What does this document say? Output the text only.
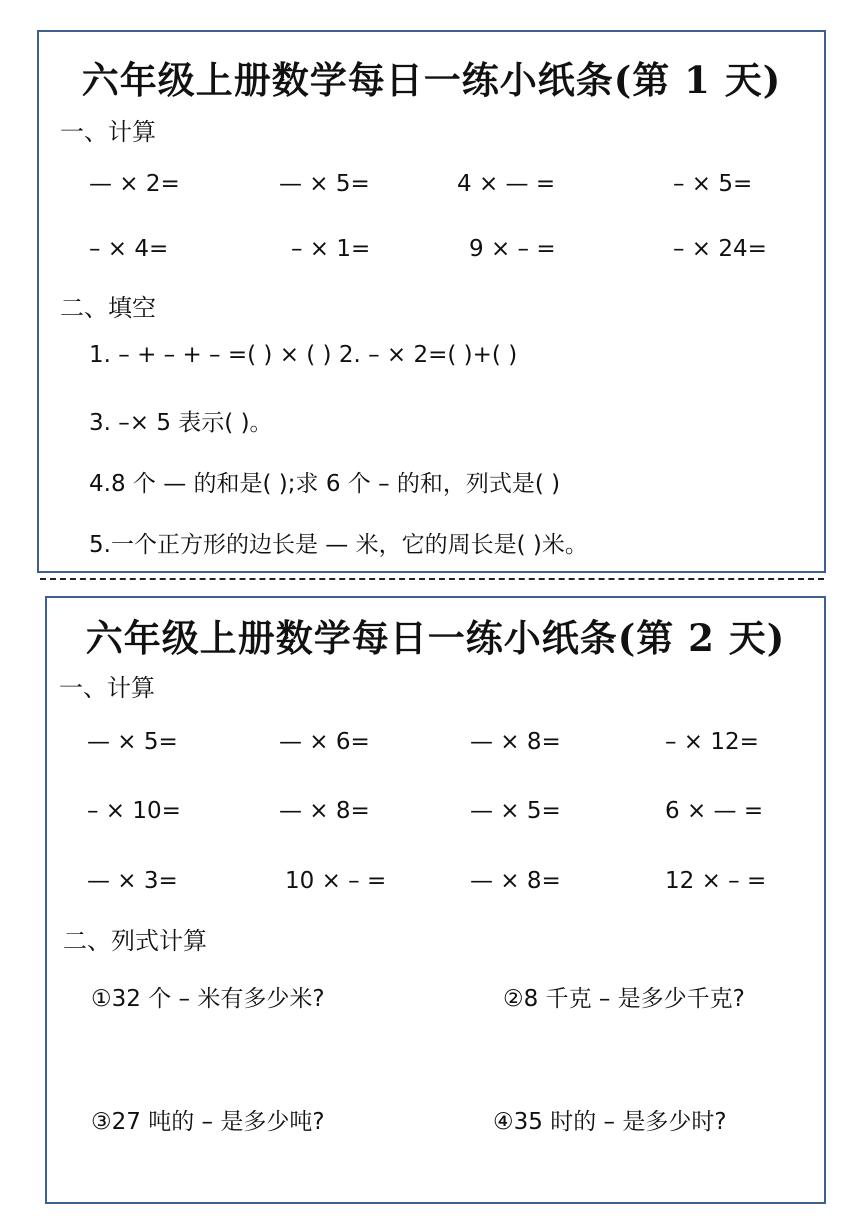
六年级上册数学每日一练小纸条(第 1 天)
一、计算
— × 2=	— × 5=	4 × — =	– × 5=
– × 4=	– × 1=	9 × – =	– × 24=
二、填空
1. – + – + – =( ) × ( ) 2. – × 2=( )+( )
3. –× 5 表示( )。
4.8 个 — 的和是( );求 6 个 – 的和，列式是( )
5.一个正方形的边长是 — 米，它的周长是( )米。
六年级上册数学每日一练小纸条(第 2 天)
一、计算
— × 5=	— × 6=	— × 8=	– × 12=
– × 10=	— × 8=	— × 5=	6 × — =
— × 3=	10 × – =	— × 8=	12 × – =
二、列式计算
①32 个 – 米有多少米?	②8 千克 – 是多少千克?
③27 吨的 – 是多少吨?	④35 时的 – 是多少时?
